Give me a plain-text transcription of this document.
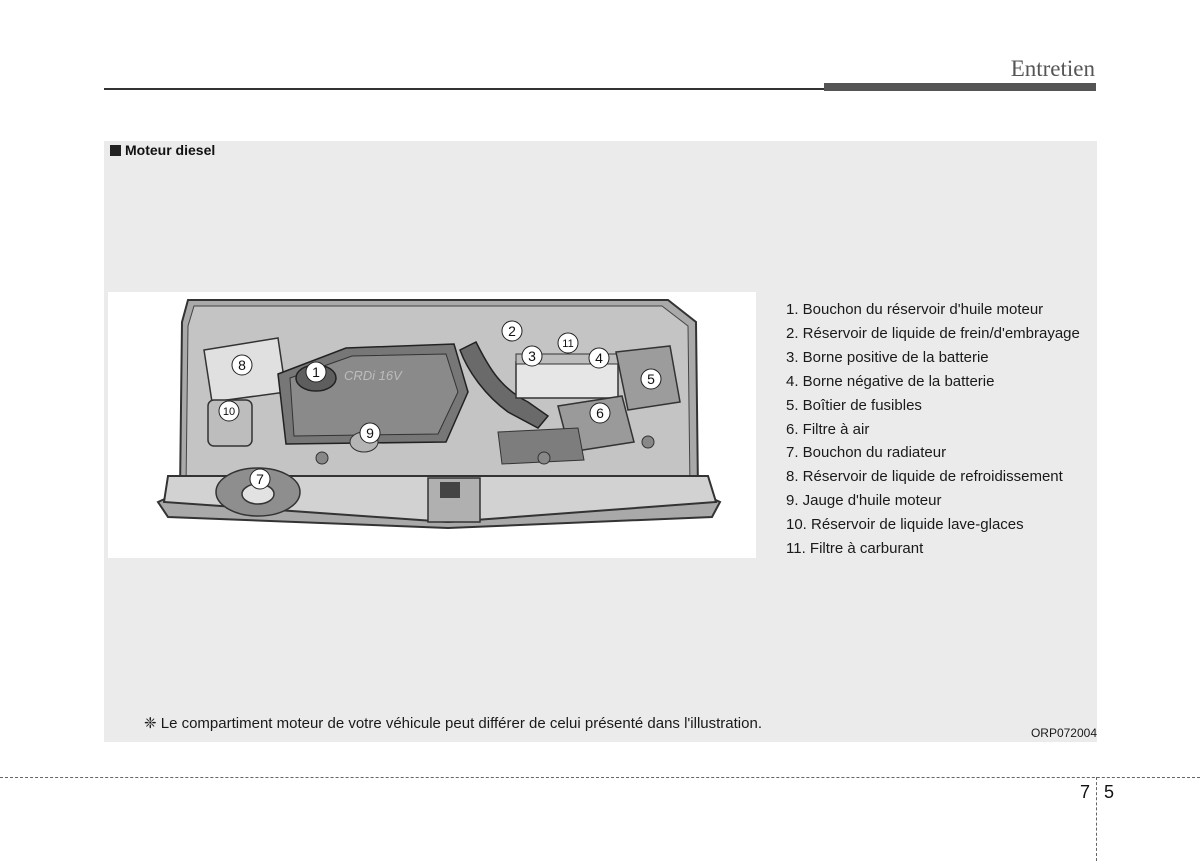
Entretien
Moteur diesel
CRDi 16V
1
2
3	4
5
6
7
8
9
10
11
1. Bouchon du réservoir d'huile moteur
2. Réservoir de liquide de frein/d'embrayage
3. Borne positive de la batterie
4. Borne négative de la batterie
5. Boîtier de fusibles
6. Filtre à air
7. Bouchon du radiateur
8. Réservoir de liquide de refroidissement
9. Jauge d'huile moteur
10. Réservoir de liquide lave-glaces
11. Filtre à carburant
❈ Le compartiment moteur de votre véhicule peut différer de celui présenté dans l'illustration.
ORP072004
7 5
